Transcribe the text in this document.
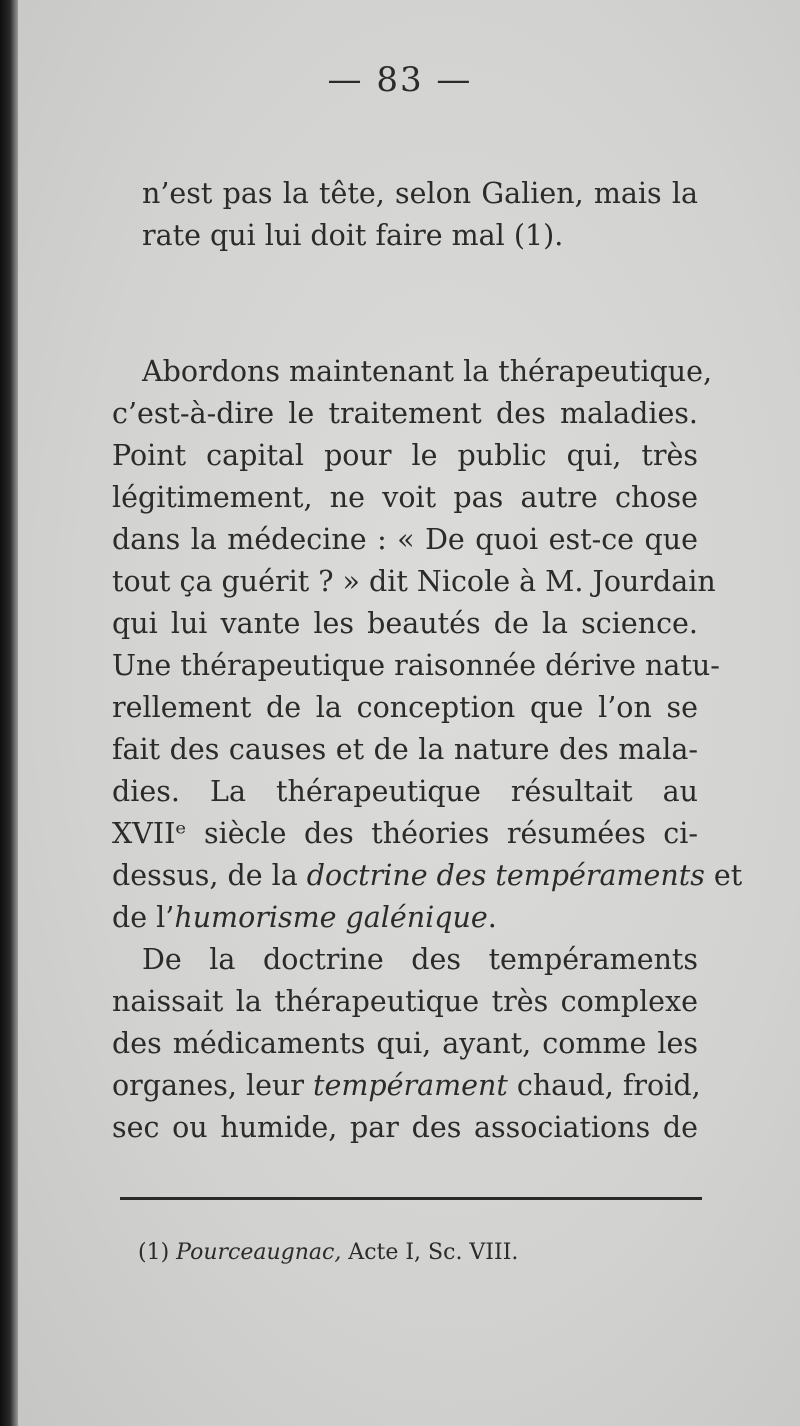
— 83 —
n’est pas la tête, selon Galien, mais la
rate qui lui doit faire mal (1).
Abordons maintenant la thérapeutique,
c’est-à-dire le traitement des maladies.
Point capital pour le public qui, très
légitimement, ne voit pas autre chose
dans la médecine : « De quoi est-ce que
tout ça guérit ? » dit Nicole à M. Jourdain
qui lui vante les beautés de la science.
Une thérapeutique raisonnée dérive natu-
rellement de la conception que l’on se
fait des causes et de la nature des mala-
dies. La thérapeutique résultait au
XVIIᵉ siècle des théories résumées ci-
dessus, de la doctrine des tempéraments et
de l’humorisme galénique.
De la doctrine des tempéraments
naissait la thérapeutique très complexe
des médicaments qui, ayant, comme les
organes, leur tempérament chaud, froid,
sec ou humide, par des associations de
(1) Pourceaugnac, Acte I, Sc. VIII.
